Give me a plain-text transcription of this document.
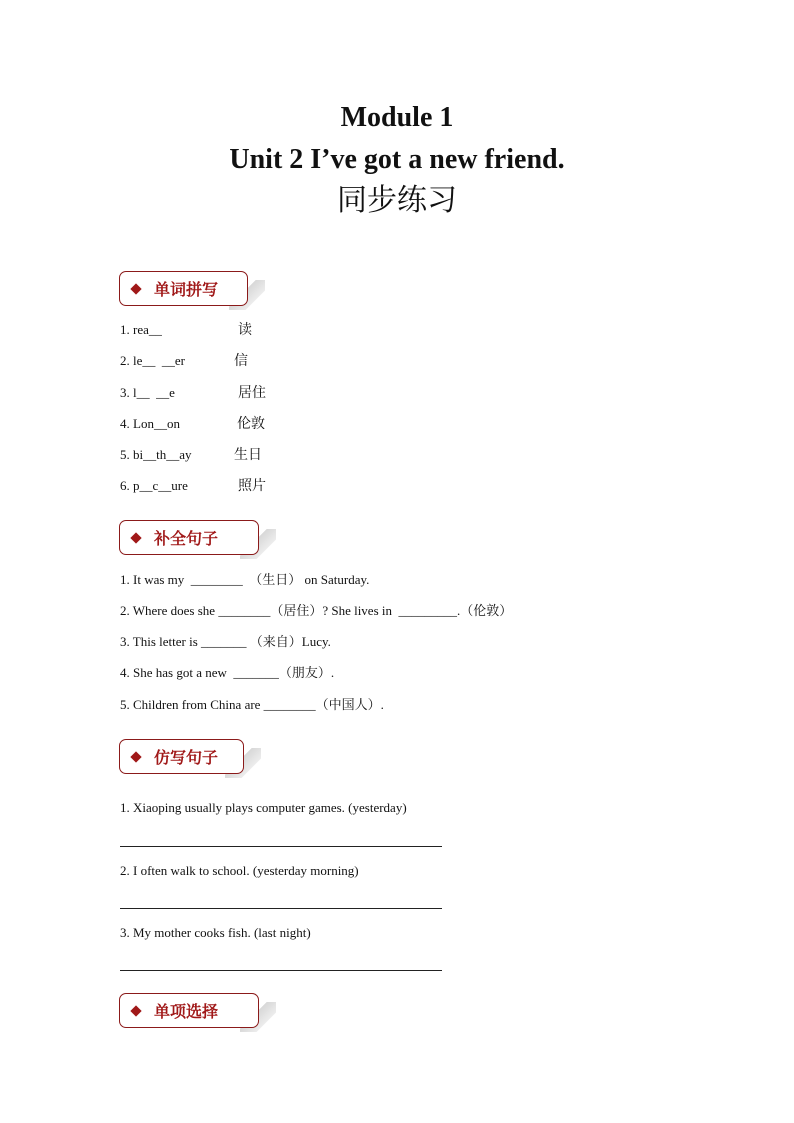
Module 1
Unit 2 I’ve got a new friend.
同步练习
单词拼写
1. rea__	读
2. le__  __er	信
3. l__  __e	居住
4. Lon__on	伦敦
5. bi__th__ay	生日
6. p__c__ure	照片
补全句子
1. It was my  ________  （生日） on Saturday.
2. Where does she ________（居住）? She lives in  _________.（伦敦）
3. This letter is _______ （来自）Lucy.
4. She has got a new  _______（朋友）.
5. Children from China are ________（中国人）.
仿写句子
1. Xiaoping usually plays computer games. (yesterday)
2. I often walk to school. (yesterday morning)
3. My mother cooks fish. (last night)
单项选择
